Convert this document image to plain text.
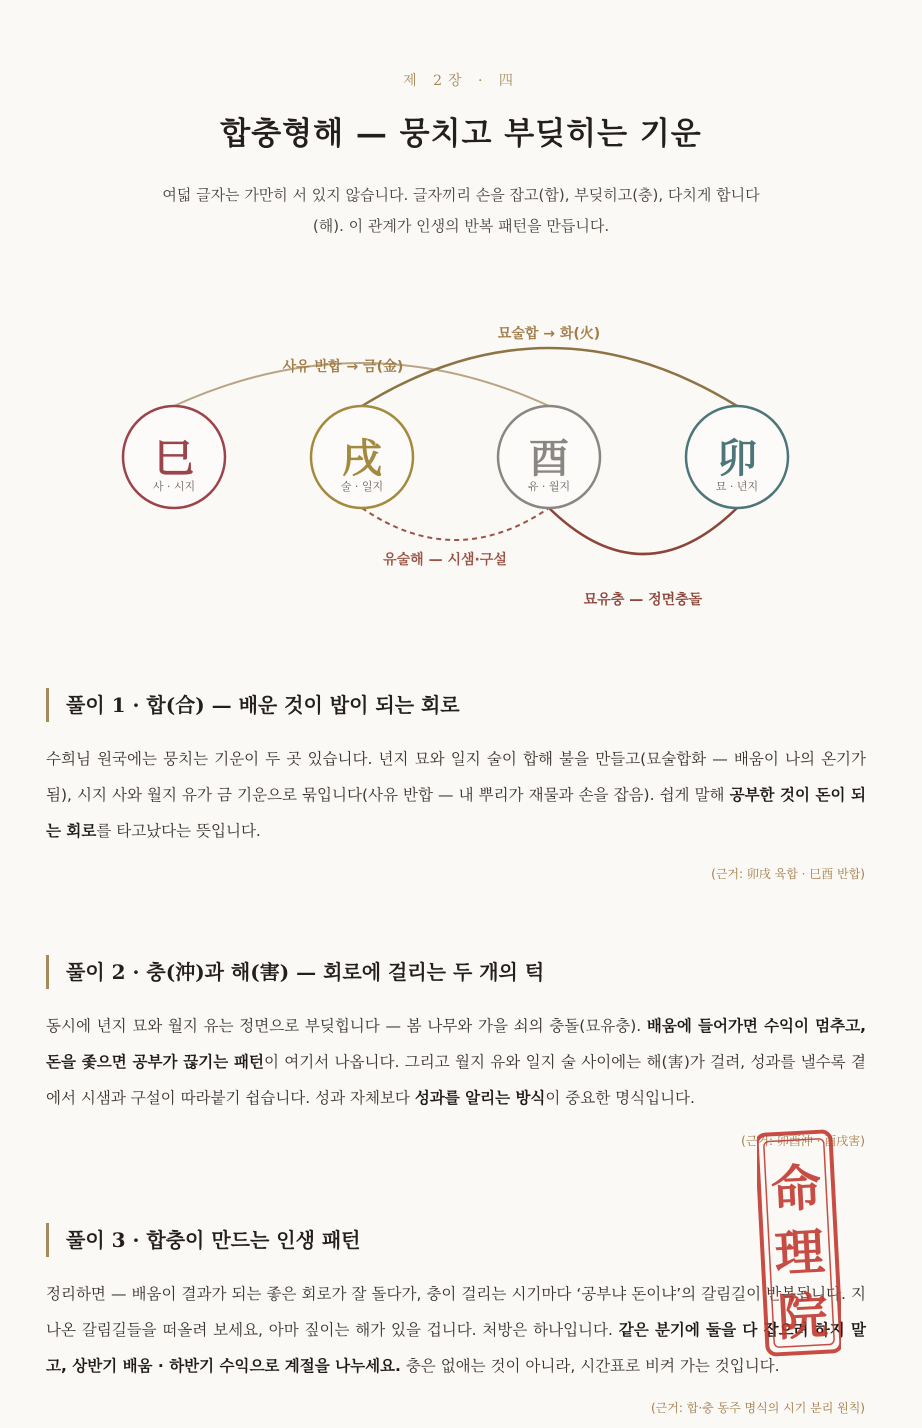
제 2장 · 四
합충형해 — 뭉치고 부딪히는 기운
여덟 글자는 가만히 서 있지 않습니다. 글자끼리 손을 잡고(합), 부딪히고(충), 다치게 합니다
(해). 이 관계가 인생의 반복 패턴을 만듭니다.
사유 반합 → 금(金)
묘술합 → 화(火)
유술해 — 시샘·구설
묘유충 — 정면충돌
巳
사 · 시지
戌
술 · 일지
酉
유 · 월지
卯
묘 · 년지
풀이 1 · 합(合) — 배운 것이 밥이 되는 회로
수희님 원국에는 뭉치는 기운이 두 곳 있습니다. 년지 묘와 일지 술이 합해 불을 만들고(묘술합화 — 배움이 나의 온기가 됨), 시지 사와 월지 유가 금 기운으로 묶입니다(사유 반합 — 내 뿌리가 재물과 손을 잡음). 쉽게 말해 공부한 것이 돈이 되는 회로를 타고났다는 뜻입니다.
(근거: 卯戌 육합 · 巳酉 반합)
풀이 2 · 충(沖)과 해(害) — 회로에 걸리는 두 개의 턱
동시에 년지 묘와 월지 유는 정면으로 부딪힙니다 — 봄 나무와 가을 쇠의 충돌(묘유충). 배움에 들어가면 수익이 멈추고, 돈을 좇으면 공부가 끊기는 패턴이 여기서 나옵니다. 그리고 월지 유와 일지 술 사이에는 해(害)가 걸려, 성과를 낼수록 곁에서 시샘과 구설이 따라붙기 쉽습니다. 성과 자체보다 성과를 알리는 방식이 중요한 명식입니다.
(근거: 卯酉沖 · 酉戌害)
풀이 3 · 합충이 만드는 인생 패턴
정리하면 — 배움이 결과가 되는 좋은 회로가 잘 돌다가, 충이 걸리는 시기마다 ‘공부냐 돈이냐’의 갈림길이 반복됩니다. 지나온 갈림길들을 떠올려 보세요, 아마 짚이는 해가 있을 겁니다. 처방은 하나입니다. 같은 분기에 둘을 다 잡으려 하지 말고, 상반기 배움 · 하반기 수익으로 계절을 나누세요. 충은 없애는 것이 아니라, 시간표로 비켜 가는 것입니다.
(근거: 합·충 동주 명식의 시기 분리 원칙)
命
理
院
